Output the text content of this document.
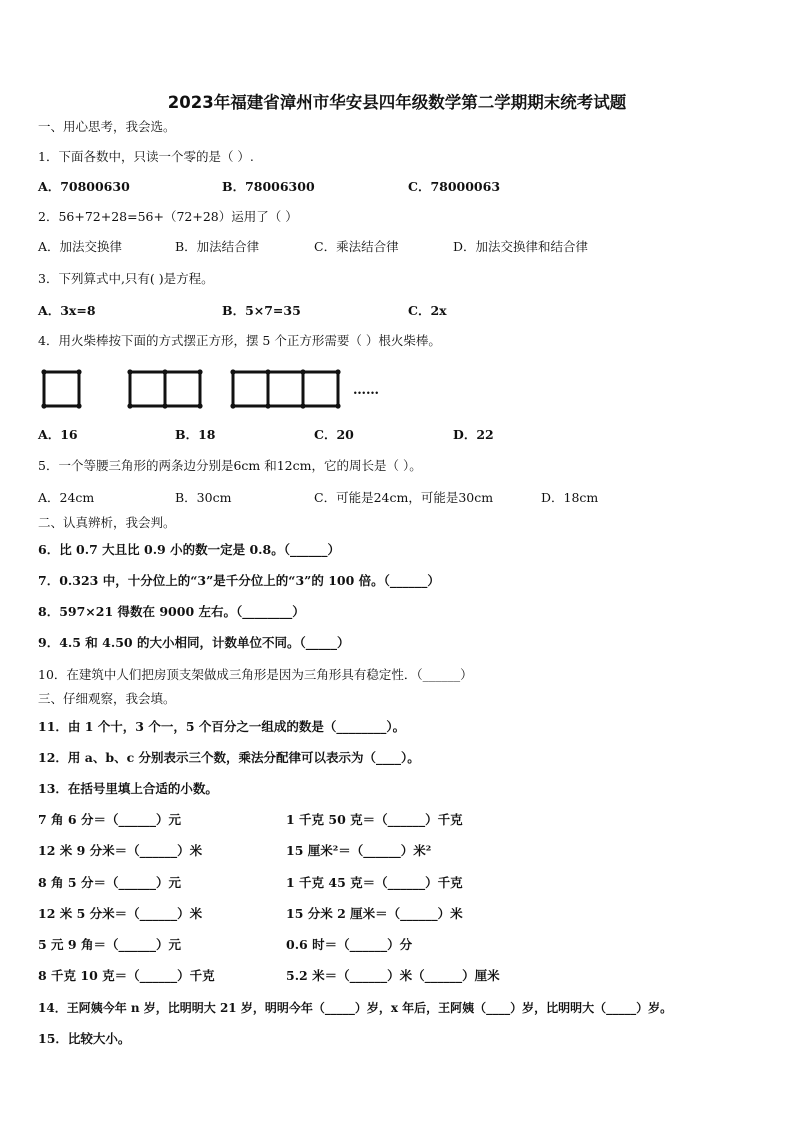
2023年福建省漳州市华安县四年级数学第二学期期末统考试题
一、用心思考，我会选。
1．下面各数中，只读一个零的是（ ）.
A．70800630	B．78006300	C．78000063
2．56+72+28=56+（72+28）运用了（ ）
A．加法交换律	B．加法结合律	C．乘法结合律	D．加法交换律和结合律
3．下列算式中,只有( )是方程。
A．3x=8	B．5×7=35	C．2x
4．用火柴棒按下面的方式摆正方形，摆 5 个正方形需要（ ）根火柴棒。
……
A．16	B．18	C．20	D．22
5．一个等腰三角形的两条边分别是6cm 和12cm，它的周长是（ ）。
A．24cm	B．30cm	C．可能是24cm，可能是30cm	D．18cm
二、认真辨析，我会判。
6．比 0.7 大且比 0.9 小的数一定是 0.8。（______）
7．0.323 中，十分位上的“3”是千分位上的“3”的 100 倍。（______）
8．597×21 得数在 9000 左右。（________）
9．4.5 和 4.50 的大小相同，计数单位不同。（_____）
10．在建筑中人们把房顶支架做成三角形是因为三角形具有稳定性．（______）
三、仔细观察，我会填。
11．由 1 个十，3 个一，5 个百分之一组成的数是（________）。
12．用 a、b、c 分别表示三个数，乘法分配律可以表示为（____）。
13．在括号里填上合适的小数。
7 角 6 分＝（______）元	1 千克 50 克＝（______）千克
12 米 9 分米＝（______）米	15 厘米²＝（______）米²
8 角 5 分＝（______）元	1 千克 45 克＝（______）千克
12 米 5 分米＝（______）米	15 分米 2 厘米＝（______）米
5 元 9 角＝（______）元	0.6 时＝（______）分
8 千克 10 克＝（______）千克	5.2 米＝（______）米（______）厘米
14．王阿姨今年 n 岁，比明明大 21 岁，明明今年（_____）岁，x 年后，王阿姨（____）岁，比明明大（_____）岁。
15．比较大小。
